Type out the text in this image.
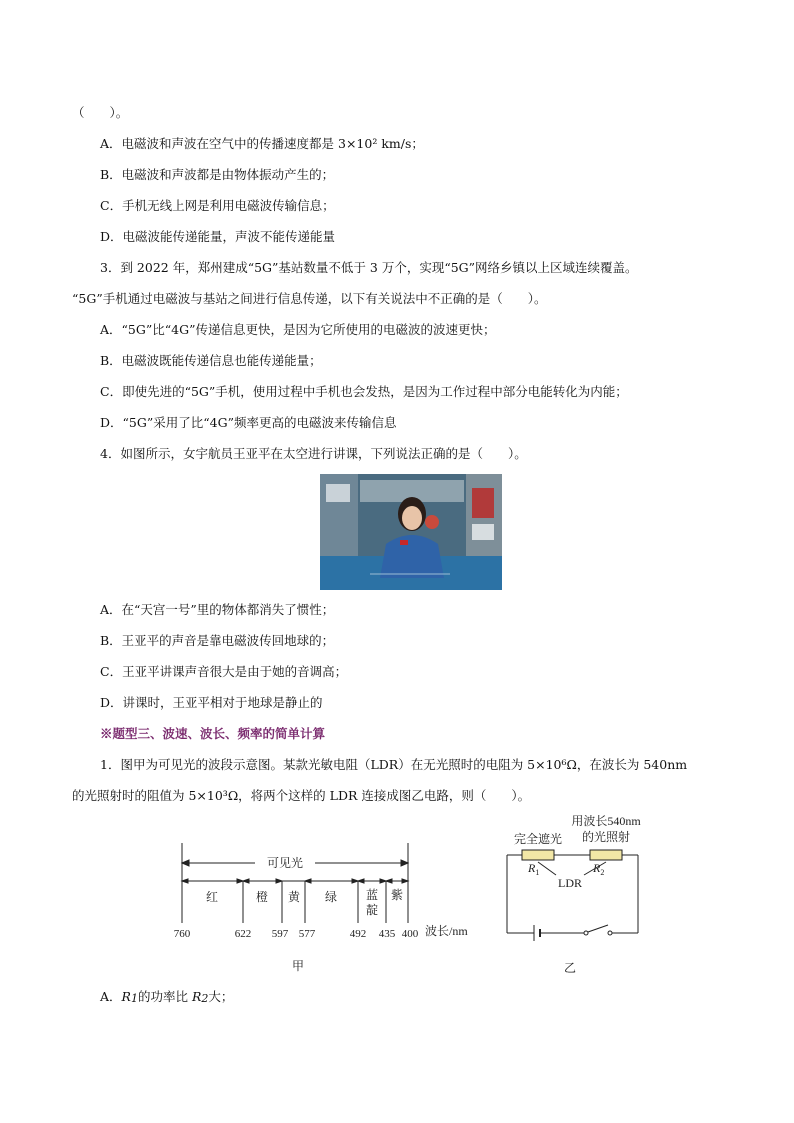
（　　）。
A．电磁波和声波在空气中的传播速度都是 3×10² km/s；
B．电磁波和声波都是由物体振动产生的；
C．手机无线上网是利用电磁波传输信息；
D．电磁波能传递能量，声波不能传递能量
3．到 2022 年，郑州建成“5G”基站数量不低于 3 万个，实现“5G”网络乡镇以上区域连续覆盖。
“5G”手机通过电磁波与基站之间进行信息传递，以下有关说法中不正确的是（　　）。
A．“5G”比“4G”传递信息更快，是因为它所使用的电磁波的波速更快；
B．电磁波既能传递信息也能传递能量；
C．即使先进的“5G”手机，使用过程中手机也会发热，是因为工作过程中部分电能转化为内能；
D．“5G”采用了比“4G”频率更高的电磁波来传输信息
4．如图所示，女宇航员王亚平在太空进行讲课，下列说法正确的是（　　）。
A．在“天宫一号”里的物体都消失了惯性；
B．王亚平的声音是靠电磁波传回地球的；
C．王亚平讲课声音很大是由于她的音调高；
D．讲课时，王亚平相对于地球是静止的
※题型三、波速、波长、频率的简单计算
1．图甲为可见光的波段示意图。某款光敏电阻（LDR）在无光照时的电阻为 5×10⁶Ω，在波长为 540nm
的光照射时的阻值为 5×10³Ω，将两个这样的 LDR 连接成图乙电路，则（　　）。
可见光
红	橙 黄 绿 蓝
靛
紫
760	622 597 577	492 435 400 波长/nm
甲
完全遮光
用波长540nm
的光照射
$R_1$	$R_2$
LDR
乙
A．R1的功率比 R2大；
